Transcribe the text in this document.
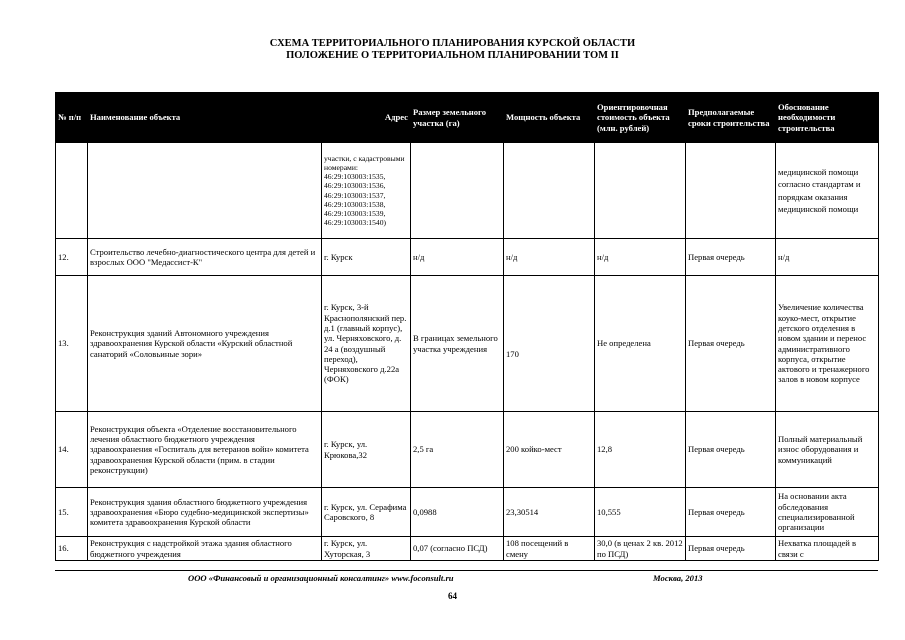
СХЕМА ТЕРРИТОРИАЛЬНОГО ПЛАНИРОВАНИЯ КУРСКОЙ ОБЛАСТИ
ПОЛОЖЕНИЕ О ТЕРРИТОРИАЛЬНОМ ПЛАНИРОВАНИИ ТОМ II
№ п/п	Наименование объекта	Адрес	Размер земельного участка (га)	Мощность объекта	Ориентировочная стоимость объекта (млн. рублей)	Предполагаемые сроки строительства	Обоснование необходимости строительства
		участки, с кадастровыми номерами: 46:29:103003:1535, 46:29:103003:1536, 46:29:103003:1537, 46:29:103003:1538, 46:29:103003:1539, 46:29:103003:1540)					медицинской помощи согласно стандартам и порядкам оказания медицинской помощи
12.	Строительство лечебно-диагностического центра для детей и взрослых ООО "Медассист-К"	г. Курск	н/д	н/д	н/д	Первая очередь	н/д
13.	Реконструкция зданий Автономного учреждения здравоохранения Курской области «Курский областной санаторий «Соловьиные зори»	г. Курск, 3-й Краснополянский пер. д.1 (главный корпус), ул. Черняховского, д. 24 а (воздушный переход), Черняховского д.22а (ФОК)	В границах земельного участка учреждения	170	Не определена	Первая очередь	Увеличение количества коуко-мест, открытие детского отделения в новом здании и перенос административного корпуса, открытие актового и тренажерного залов в новом корпусе
14.	Реконструкция объекта «Отделение восстановительного лечения областного бюджетного учреждения здравоохранения «Госпиталь для ветеранов войн» комитета здравоохранения Курской области (прим. в стадии реконструкции)	г. Курск, ул. Крюкова,32	2,5 га	200 койко-мест	12,8	Первая очередь	Полный материальный износ оборудования и коммуникаций
15.	Реконструкция здания областного бюджетного учреждения здравоохранения «Бюро судебно-медицинской экспертизы» комитета здравоохранения Курской области	г. Курск, ул. Серафима Саровского, 8	0,0988	23,30514	10,555	Первая очередь	На основании акта обследования специализированной организации
16.	Реконструкция с надстройкой этажа здания областного бюджетного учреждения	г. Курск, ул. Хуторская, 3	0,07 (согласно ПСД)	108 посещений в смену	30,0 (в ценах 2 кв. 2012 по ПСД)	Первая очередь	Нехватка площадей в связи с
ООО «Финансовый и организационный консалтинг» www.foconsult.ru	Москва, 2013
64
